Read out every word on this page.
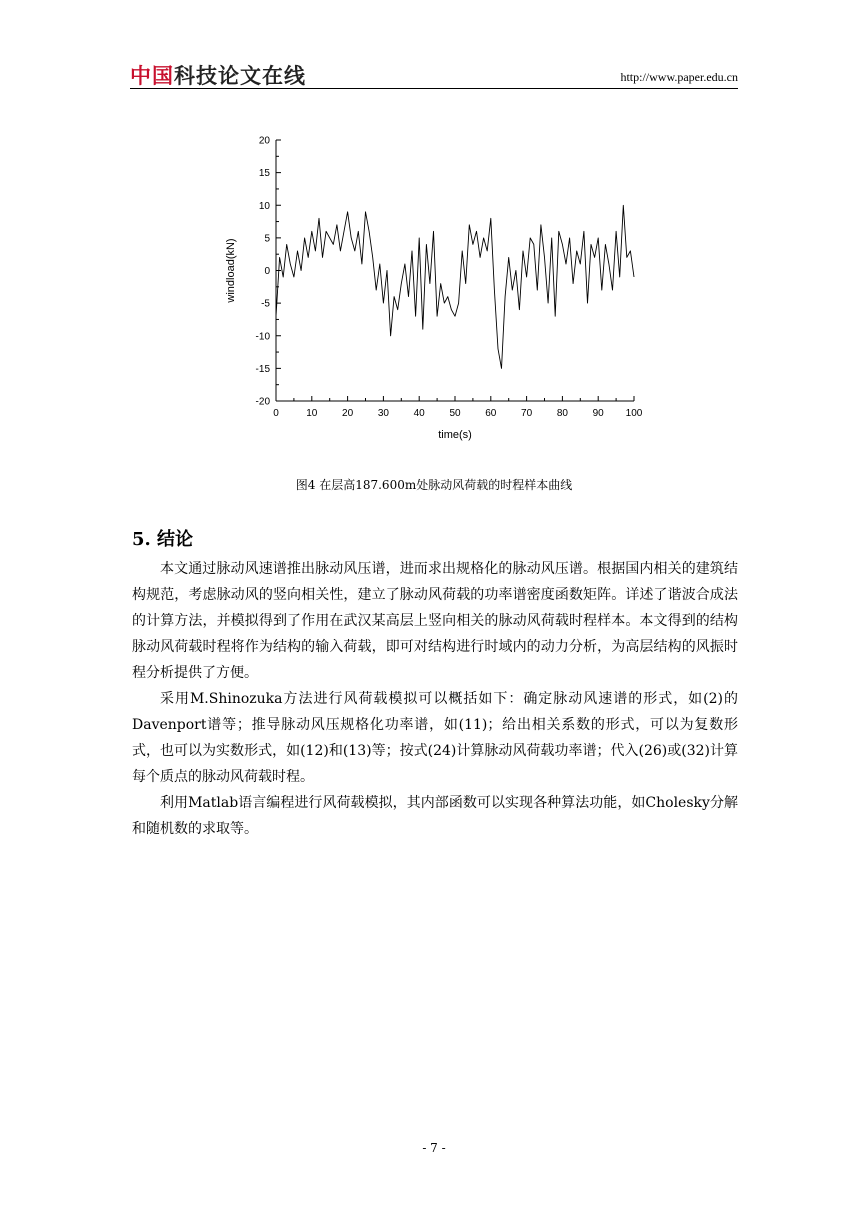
中国科技论文在线	http://www.paper.edu.cn
0	10 20 30 40 50 60 70 80 90 100
20
15
10
5
0
-5
-10
-15
-20
time(s)
windload(kN)
图4 在层高187.600m处脉动风荷载的时程样本曲线
5. 结论

本文通过脉动风速谱推出脉动风压谱，进而求出规格化的脉动风压谱。根据国内相关的建筑结构规范，考虑脉动风的竖向相关性，建立了脉动风荷载的功率谱密度函数矩阵。详述了谐波合成法的计算方法，并模拟得到了作用在武汉某高层上竖向相关的脉动风荷载时程样本。本文得到的结构脉动风荷载时程将作为结构的输入荷载，即可对结构进行时域内的动力分析，为高层结构的风振时程分析提供了方便。

采用M.Shinozuka方法进行风荷载模拟可以概括如下：确定脉动风速谱的形式，如(2)的Davenport谱等；推导脉动风压规格化功率谱，如(11)；给出相关系数的形式，可以为复数形式，也可以为实数形式，如(12)和(13)等；按式(24)计算脉动风荷载功率谱；代入(26)或(32)计算每个质点的脉动风荷载时程。

利用Matlab语言编程进行风荷载模拟，其内部函数可以实现各种算法功能，如Cholesky分解和随机数的求取等。

- 7 -
